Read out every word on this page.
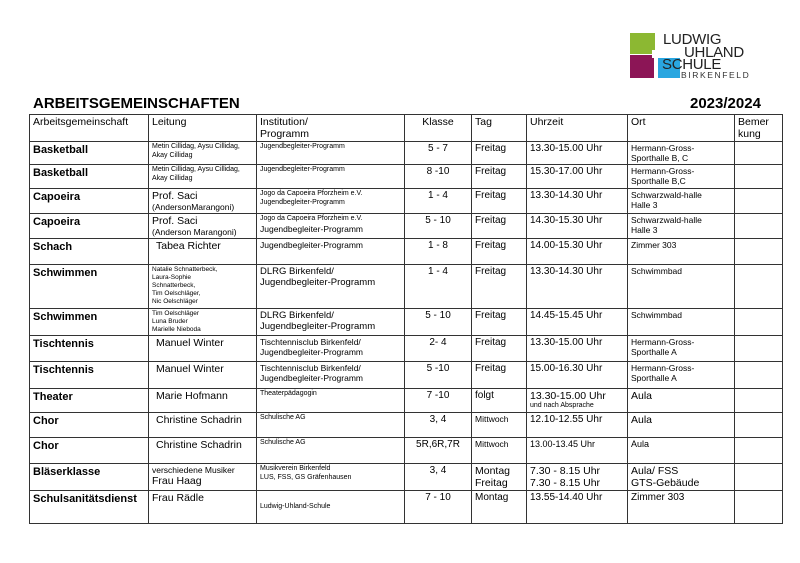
LUDWIG
UHLAND
SCHULE
BIRKENFELD
ARBEITSGEMEINSCHAFTEN	2023/2024
Arbeitsgemeinschaft	Leitung	Institution/
Programm	Klasse	Tag	Uhrzeit	Ort	Bemer
kung

Basketball	Metin Cillidag, Aysu Cillidag,
Akay Cillidag	Jugendbegleiter-Programm	5 - 7	Freitag	13.30-15.00 Uhr	Hermann-Gross-
Sporthalle B, C	

Basketball	Metin Cillidag, Aysu Cillidag,
Akay Cillidag	Jugendbegleiter-Programm	8 -10	Freitag	15.30-17.00 Uhr	Hermann-Gross-
Sporthalle B,C	

Capoeira	Prof. Saci
(AndersonMarangoni)	Jogo da Capoeira Pforzheim e.V.
Jugendbegleiter-Programm	1 - 4	Freitag	13.30-14.30 Uhr	Schwarzwald-halle
Halle 3	

Capoeira	Prof. Saci
(Anderson Marangoni)	Jogo da Capoeira Pforzheim e.V.
Jugendbegleiter-Programm	5 - 10	Freitag	14.30-15.30 Uhr	Schwarzwald-halle
Halle 3	

Schach	Tabea Richter	Jugendbegleiter-Programm	1 - 8	Freitag	14.00-15.30 Uhr	Zimmer 303	

Schwimmen	Natalie Schnatterbeck,
Laura-Sophie
Schnatterbeck,
Tim Oelschläger,
Nic Oelschläger	DLRG Birkenfeld/
Jugendbegleiter-Programm	1 - 4	Freitag	13.30-14.30 Uhr	Schwimmbad	

Schwimmen	Tim Oelschläger
Luna Bruder
Marielle Nieboda	DLRG Birkenfeld/
Jugendbegleiter-Programm	5 - 10	Freitag	14.45-15.45 Uhr	Schwimmbad	

Tischtennis	Manuel Winter	Tischtennisclub Birkenfeld/
Jugendbegleiter-Programm	2- 4	Freitag	13.30-15.00 Uhr	Hermann-Gross-
Sporthalle A	

Tischtennis	Manuel Winter	Tischtennisclub Birkenfeld/
Jugendbegleiter-Programm	5 -10	Freitag	15.00-16.30 Uhr	Hermann-Gross-
Sporthalle A	

Theater	Marie Hofmann	Theaterpädagogin	7 -10	folgt	13.30-15.00 Uhr
und nach Absprache	Aula	

Chor	Christine Schadrin	Schulische AG	3, 4	Mittwoch	12.10-12.55 Uhr	Aula	

Chor	Christine Schadrin	Schulische AG	5R,6R,7R	Mittwoch	13.00-13.45 Uhr	Aula	

Bläserklasse	verschiedene Musiker
Frau Haag	Musikverein Birkenfeld
LUS, FSS, GS Gräfenhausen	3, 4	Montag
Freitag	7.30 - 8.15 Uhr
7.30 - 8.15 Uhr	Aula/ FSS
GTS-Gebäude	

Schulsanitätsdienst	Frau Rädle	Ludwig-Uhland-Schule	7 - 10	Montag	13.55-14.40 Uhr	Zimmer 303	
